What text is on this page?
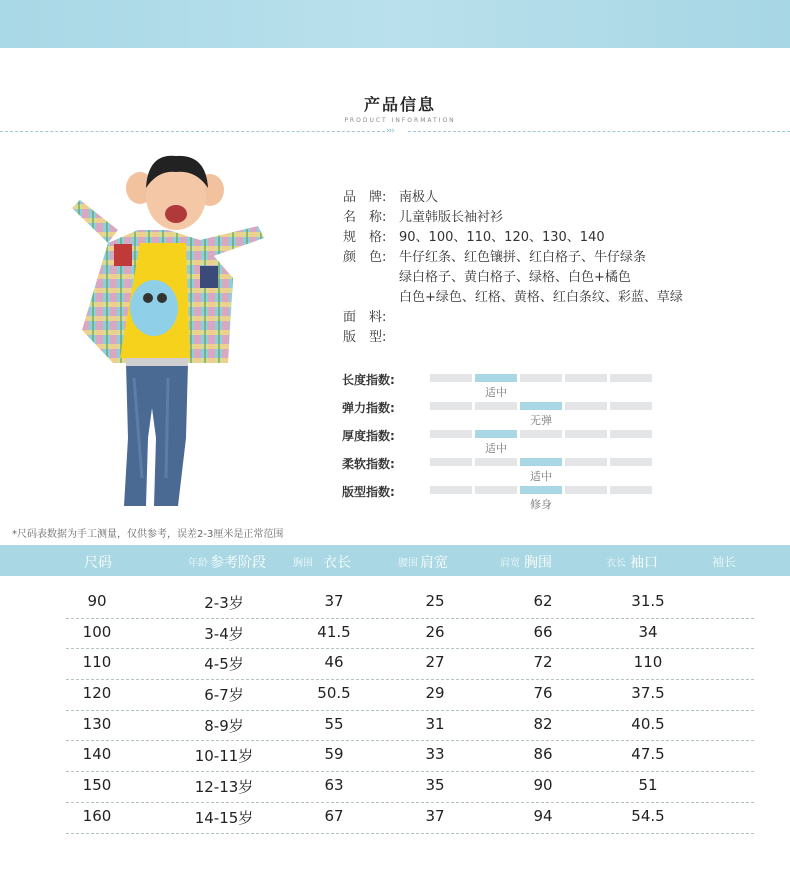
产品信息
PRODUCT INFORMATION
›››
品　牌: 南极人
名　称: 儿童韩版长袖衬衫
规　格: 90、100、110、120、130、140
颜　色: 牛仔红条、红色镶拼、红白格子、牛仔绿条
绿白格子、黄白格子、绿格、白色+橘色
白色+绿色、红格、黄格、红白条纹、彩蓝、草绿
面　料:
版　型:
长度指数:
适中
弹力指数:
无弹
厚度指数:
适中
柔软指数:
适中
版型指数:
修身
*尺码表数据为手工测量，仅供参考，误差2-3厘米是正常范围
年龄	胸围	腰围	肩宽	衣长
尺码	参考阶段	衣长	肩宽	胸围	袖口	袖长
90	2-3岁	37	25	62	31.5
100	3-4岁	41.5	26	66	34
110	4-5岁	46	27	72	110
120	6-7岁	50.5	29	76	37.5
130	8-9岁	55	31	82	40.5
140	10-11岁	59	33	86	47.5
150	12-13岁	63	35	90	51
160	14-15岁	67	37	94	54.5
